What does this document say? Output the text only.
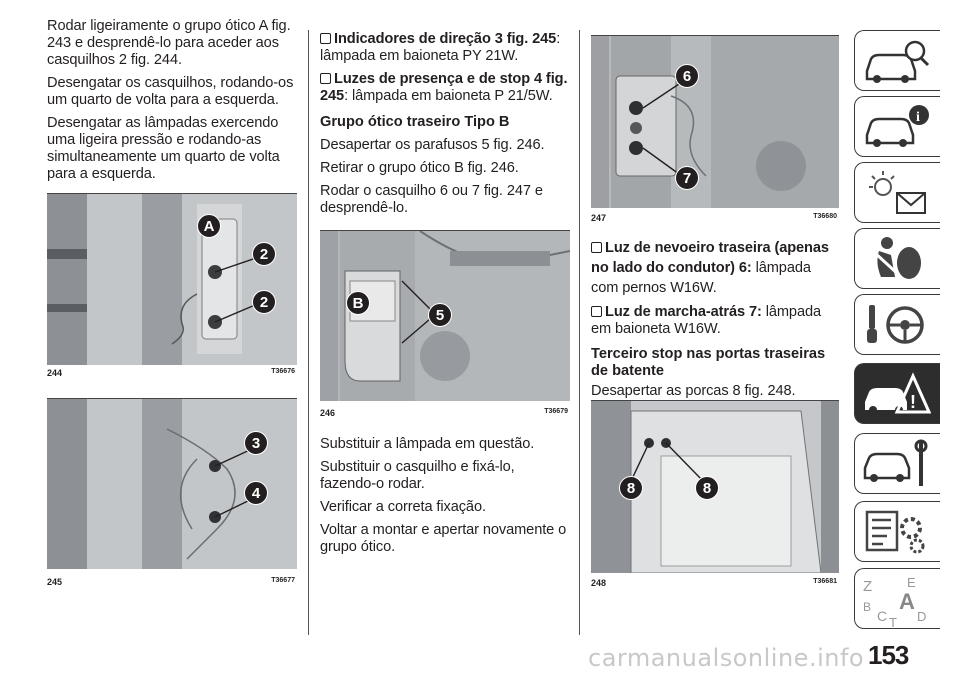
Rodar ligeiramente o grupo ótico A fig. 243 e desprendê-lo para aceder aos casquilhos 2 fig. 244.

Desengatar os casquilhos, rodando-os um quarto de volta para a esquerda.

Desengatar as lâmpadas exercendo uma ligeira pressão e rodando-as simultaneamente um quarto de volta para a esquerda.

A
2
2
244	T36676
3
4
245	T36677

Indicadores de direção 3 fig. 245: lâmpada em baioneta PY 21W.

Luzes de presença e de stop 4 fig. 245: lâmpada em baioneta P 21/5W.

Grupo ótico traseiro Tipo B

Desapertar os parafusos 5 fig. 246.

Retirar o grupo ótico B fig. 246.

Rodar o casquilho 6 ou 7 fig. 247 e desprendê-lo.

B
5
246	T36679

Substituir a lâmpada em questão.

Substituir o casquilho e fixá-lo, fazendo-o rodar.

Verificar a correta fixação.

Voltar a montar e apertar novamente o grupo ótico.

6
7
247	T36680

Luz de nevoeiro traseira (apenas no lado do condutor) 6: lâmpada com pernos W16W.

Luz de marcha-atrás 7: lâmpada em baioneta W16W.

Terceiro stop nas portas traseiras de batente

Desapertar as porcas 8 fig. 248.

8	8
248	T36681
i
!
Z	E
B A
C T D
153
carmanualsonline.info
